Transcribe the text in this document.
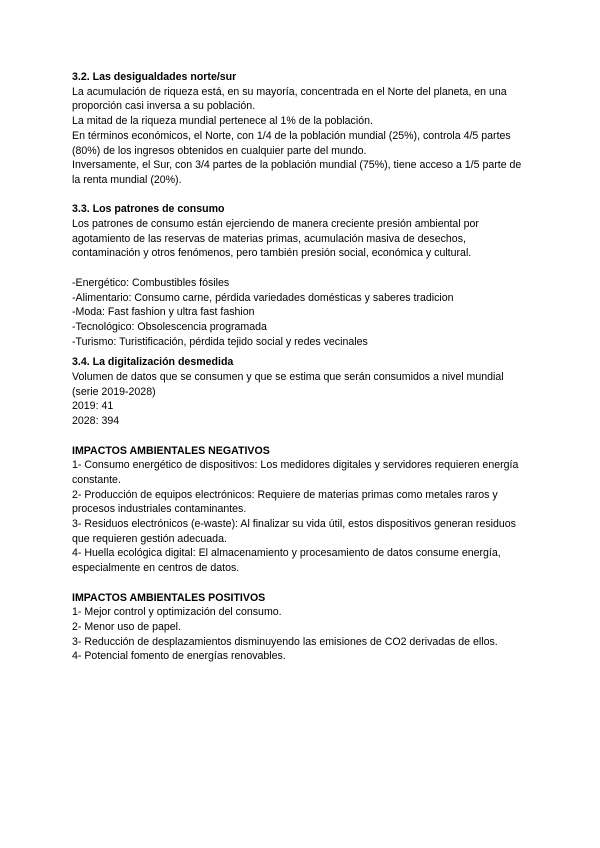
3.2. Las desigualdades norte/sur

La acumulación de riqueza está, en su mayoría, concentrada en el Norte del planeta, en una proporción casi inversa a su población.

La mitad de la riqueza mundial pertenece al 1% de la población.

En términos económicos, el Norte, con 1/4 de la población mundial (25%), controla 4/5 partes (80%) de los ingresos obtenidos en cualquier parte del mundo.

Inversamente, el Sur, con 3/4 partes de la población mundial (75%), tiene acceso a 1/5 parte de la renta mundial (20%).

3.3. Los patrones de consumo

Los patrones de consumo están ejerciendo de manera creciente presión ambiental por agotamiento de las reservas de materias primas, acumulación masiva de desechos, contaminación y otros fenómenos, pero también presión social, económica y cultural.

-Energético: Combustibles fósiles

-Alimentario: Consumo carne, pérdida variedades domésticas y saberes tradicion

-Moda: Fast fashion y ultra fast fashion

-Tecnológico: Obsolescencia programada

-Turismo: Turistificación, pérdida tejido social y redes vecinales

3.4. La digitalización desmedida

Volumen de datos que se consumen y que se estima que serán consumidos a nivel mundial (serie 2019-2028)

2019: 41

2028: 394

IMPACTOS AMBIENTALES NEGATIVOS

1- Consumo energético de dispositivos: Los medidores digitales y servidores requieren energía constante.

2- Producción de equipos electrónicos: Requiere de materias primas como metales raros y procesos industriales contaminantes.

3- Residuos electrónicos (e-waste): Al finalizar su vida útil, estos dispositivos generan residuos que requieren gestión adecuada.

4- Huella ecológica digital: El almacenamiento y procesamiento de datos consume energía, especialmente en centros de datos.

IMPACTOS AMBIENTALES POSITIVOS

1- Mejor control y optimización del consumo.

2- Menor uso de papel.

3- Reducción de desplazamientos disminuyendo las emisiones de CO2 derivadas de ellos.

4- Potencial fomento de energías renovables.
